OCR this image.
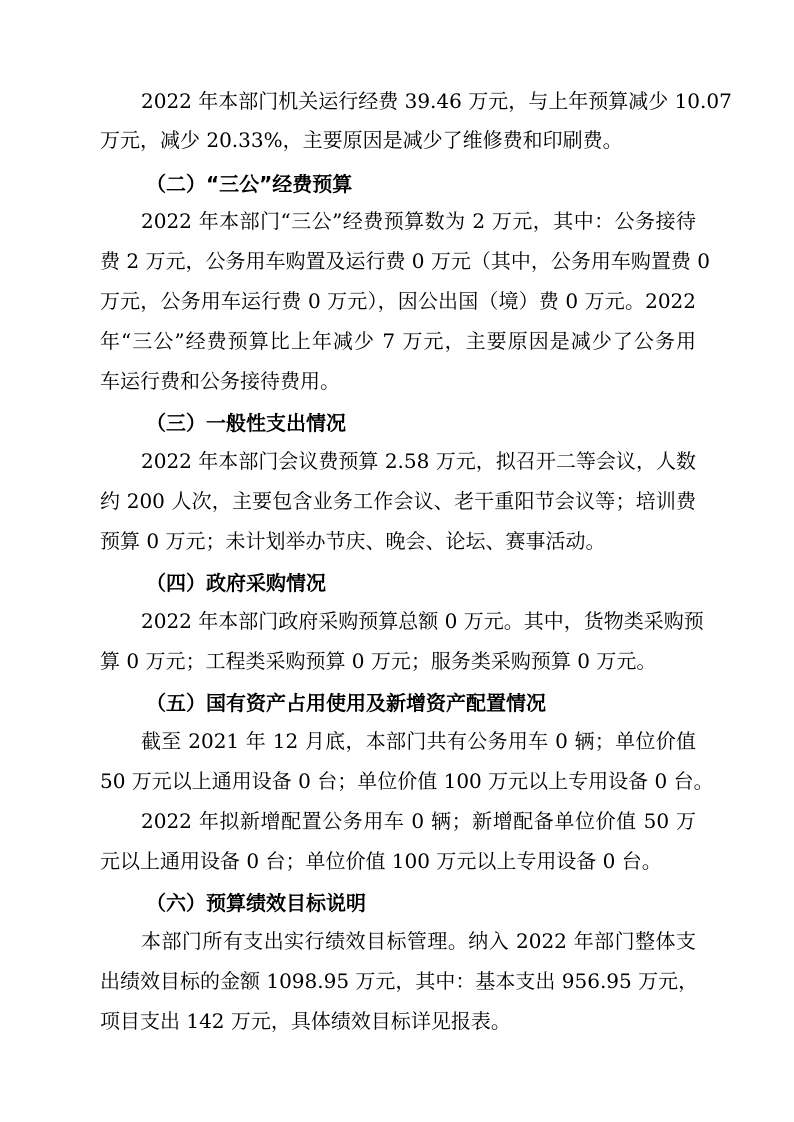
2022 年本部门机关运行经费 39.46 万元，与上年预算减少 10.07
万元，减少 20.33%，主要原因是减少了维修费和印刷费。
（二）“三公”经费预算
2022 年本部门“三公”经费预算数为 2 万元，其中：公务接待
费 2 万元，公务用车购置及运行费 0 万元（其中，公务用车购置费 0
万元，公务用车运行费 0 万元），因公出国（境）费 0 万元。2022
年“三公”经费预算比上年减少 7 万元，主要原因是减少了公务用
车运行费和公务接待费用。
（三）一般性支出情况
2022 年本部门会议费预算 2.58 万元，拟召开二等会议，人数
约 200 人次，主要包含业务工作会议、老干重阳节会议等；培训费
预算 0 万元；未计划举办节庆、晚会、论坛、赛事活动。
（四）政府采购情况
2022 年本部门政府采购预算总额 0 万元。其中，货物类采购预
算 0 万元；工程类采购预算 0 万元；服务类采购预算 0 万元。
（五）国有资产占用使用及新增资产配置情况
截至 2021 年 12 月底，本部门共有公务用车 0 辆；单位价值
50 万元以上通用设备 0 台；单位价值 100 万元以上专用设备 0 台。
2022 年拟新增配置公务用车 0 辆；新增配备单位价值 50 万
元以上通用设备 0 台；单位价值 100 万元以上专用设备 0 台。
（六）预算绩效目标说明
本部门所有支出实行绩效目标管理。纳入 2022 年部门整体支
出绩效目标的金额 1098.95 万元，其中：基本支出 956.95 万元，
项目支出 142 万元，具体绩效目标详见报表。
